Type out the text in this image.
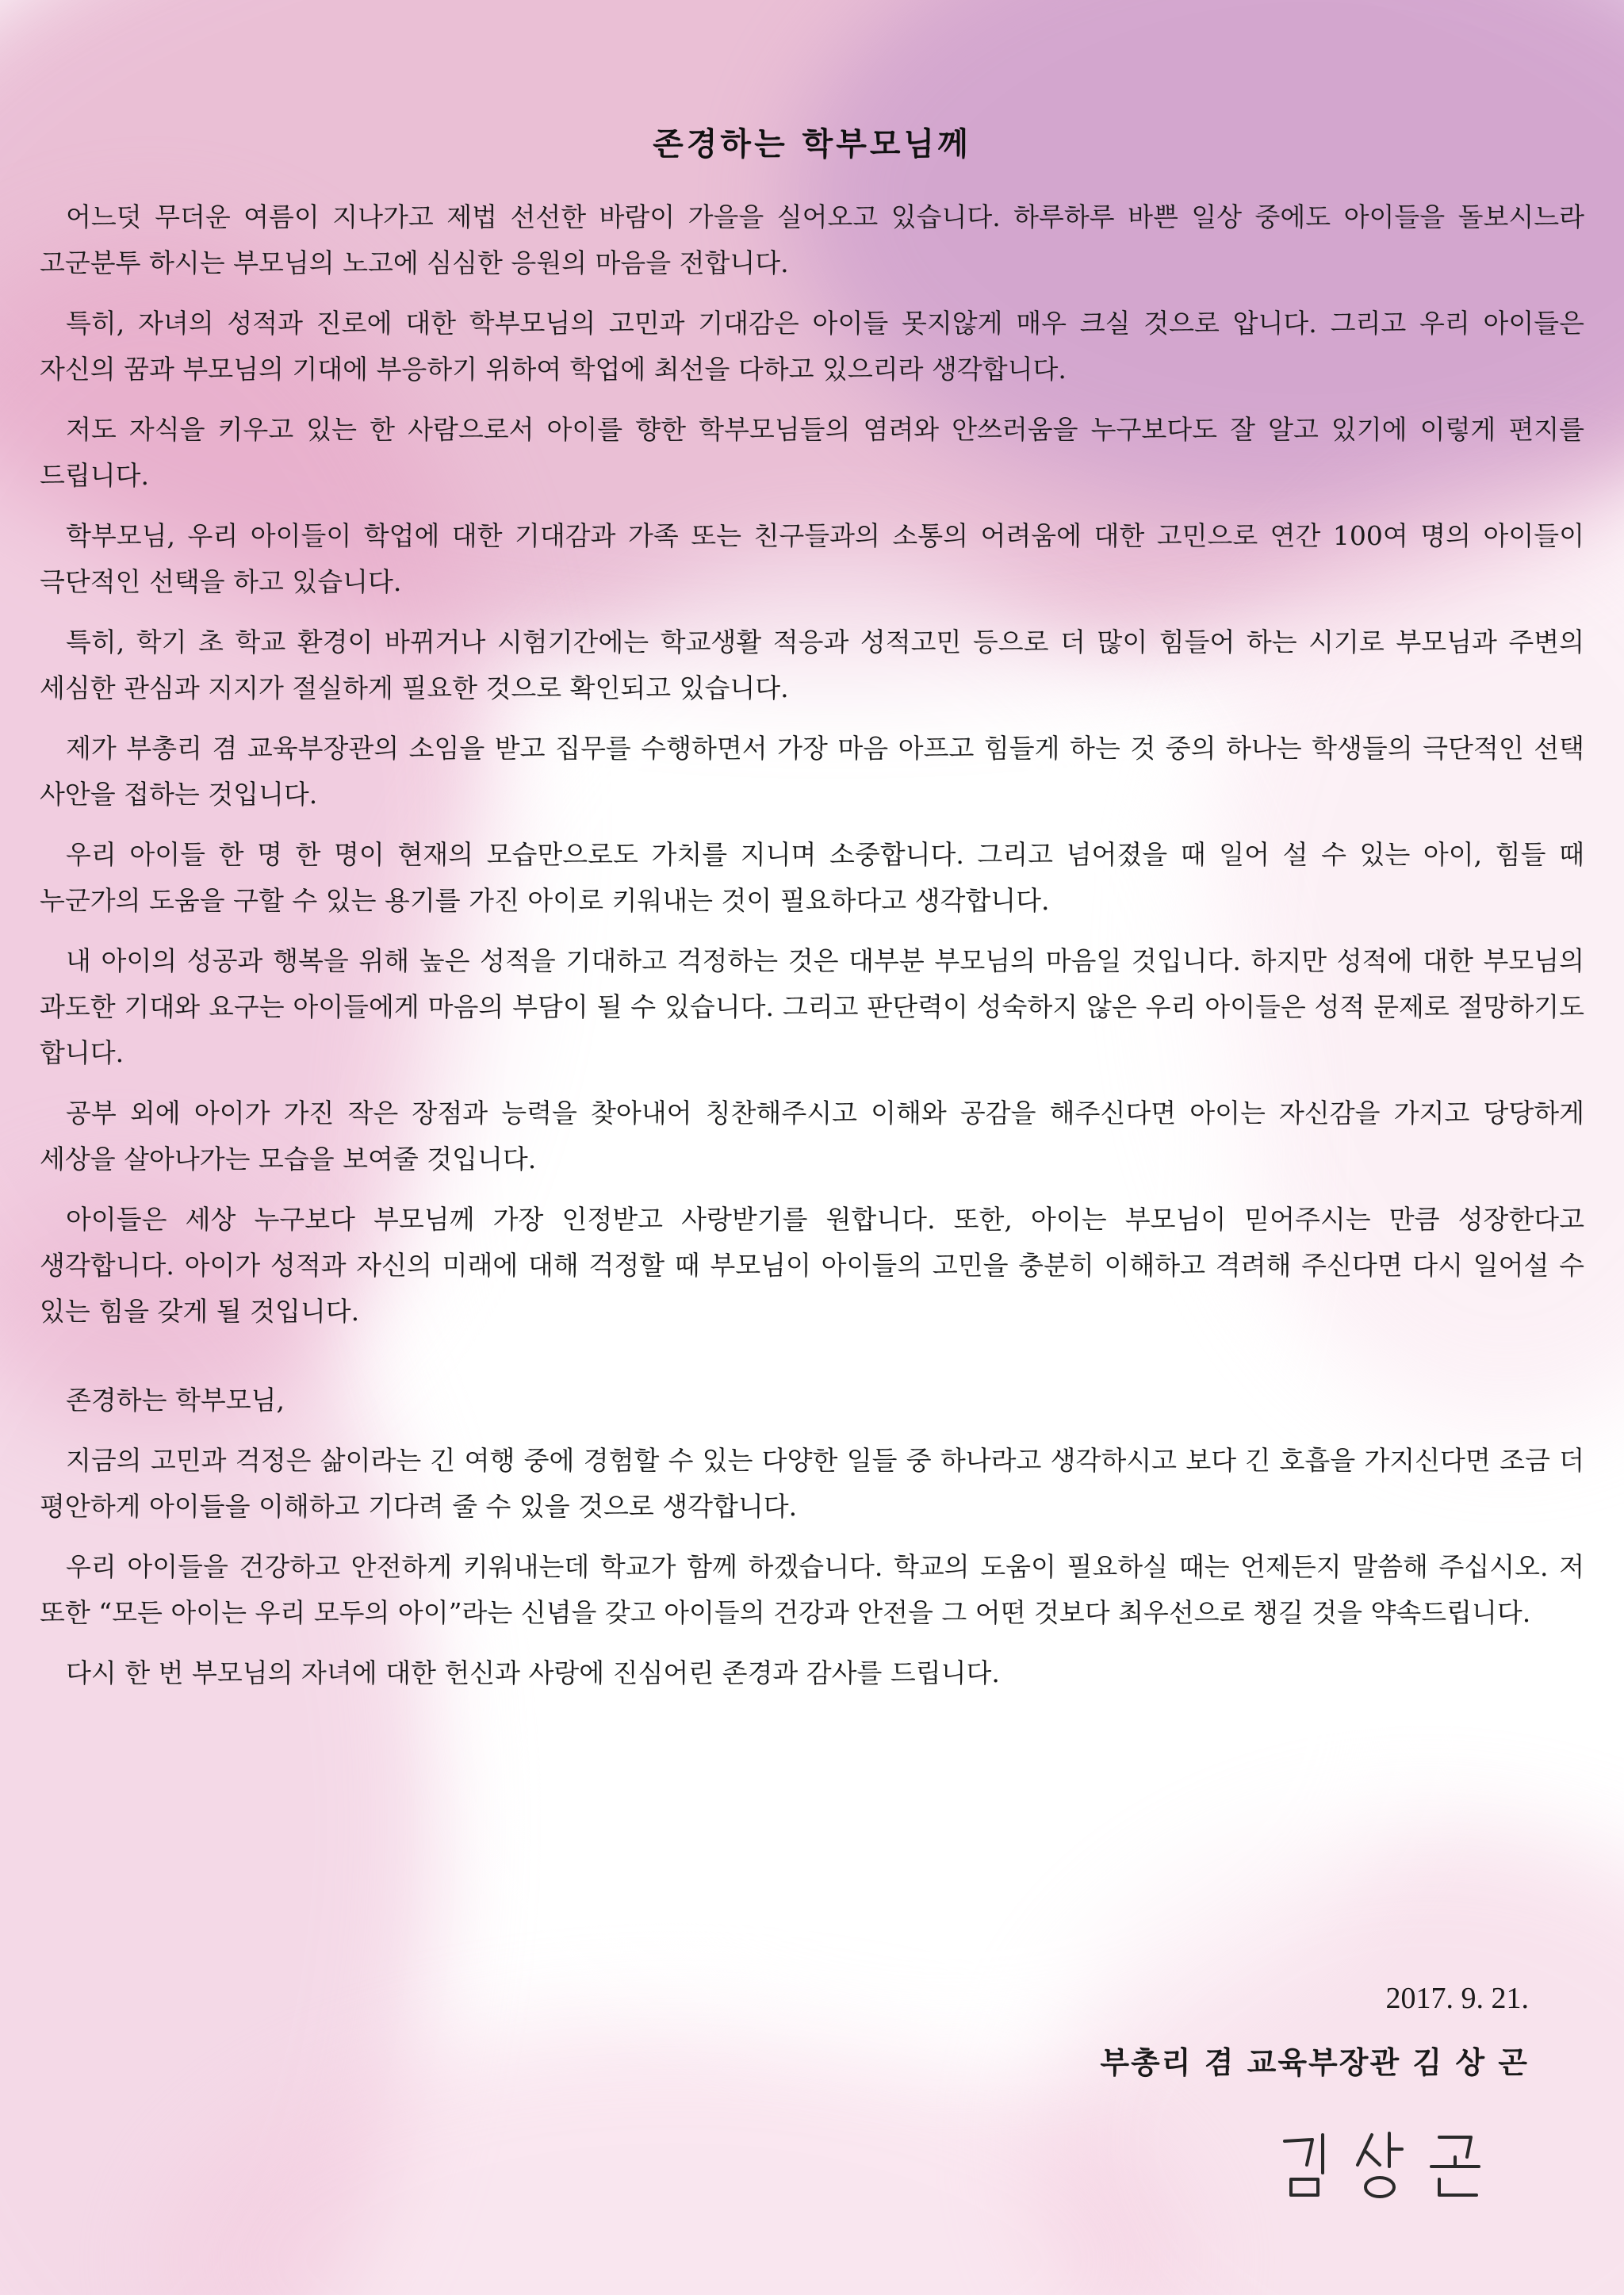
존경하는 학부모님께

어느덧 무더운 여름이 지나가고 제법 선선한 바람이 가을을 실어오고 있습니다. 하루하루 바쁜 일상 중에도 아이들을 돌보시느라 고군분투 하시는 부모님의 노고에 심심한 응원의 마음을 전합니다.

특히, 자녀의 성적과 진로에 대한 학부모님의 고민과 기대감은 아이들 못지않게 매우 크실 것으로 압니다. 그리고 우리 아이들은 자신의 꿈과 부모님의 기대에 부응하기 위하여 학업에 최선을 다하고 있으리라 생각합니다.

저도 자식을 키우고 있는 한 사람으로서 아이를 향한 학부모님들의 염려와 안쓰러움을 누구보다도 잘 알고 있기에 이렇게 편지를 드립니다.

학부모님, 우리 아이들이 학업에 대한 기대감과 가족 또는 친구들과의 소통의 어려움에 대한 고민으로 연간 100여 명의 아이들이 극단적인 선택을 하고 있습니다.

특히, 학기 초 학교 환경이 바뀌거나 시험기간에는 학교생활 적응과 성적고민 등으로 더 많이 힘들어 하는 시기로 부모님과 주변의 세심한 관심과 지지가 절실하게 필요한 것으로 확인되고 있습니다.

제가 부총리 겸 교육부장관의 소임을 받고 집무를 수행하면서 가장 마음 아프고 힘들게 하는 것 중의 하나는 학생들의 극단적인 선택 사안을 접하는 것입니다.

우리 아이들 한 명 한 명이 현재의 모습만으로도 가치를 지니며 소중합니다. 그리고 넘어졌을 때 일어 설 수 있는 아이, 힘들 때 누군가의 도움을 구할 수 있는 용기를 가진 아이로 키워내는 것이 필요하다고 생각합니다.

내 아이의 성공과 행복을 위해 높은 성적을 기대하고 걱정하는 것은 대부분 부모님의 마음일 것입니다. 하지만 성적에 대한 부모님의 과도한 기대와 요구는 아이들에게 마음의 부담이 될 수 있습니다. 그리고 판단력이 성숙하지 않은 우리 아이들은 성적 문제로 절망하기도 합니다.

공부 외에 아이가 가진 작은 장점과 능력을 찾아내어 칭찬해주시고 이해와 공감을 해주신다면 아이는 자신감을 가지고 당당하게 세상을 살아나가는 모습을 보여줄 것입니다.

아이들은 세상 누구보다 부모님께 가장 인정받고 사랑받기를 원합니다. 또한, 아이는 부모님이 믿어주시는 만큼 성장한다고 생각합니다. 아이가 성적과 자신의 미래에 대해 걱정할 때 부모님이 아이들의 고민을 충분히 이해하고 격려해 주신다면 다시 일어설 수 있는 힘을 갖게 될 것입니다.

존경하는 학부모님,

지금의 고민과 걱정은 삶이라는 긴 여행 중에 경험할 수 있는 다양한 일들 중 하나라고 생각하시고 보다 긴 호흡을 가지신다면 조금 더 평안하게 아이들을 이해하고 기다려 줄 수 있을 것으로 생각합니다.

우리 아이들을 건강하고 안전하게 키워내는데 학교가 함께 하겠습니다. 학교의 도움이 필요하실 때는 언제든지 말씀해 주십시오. 저 또한 “모든 아이는 우리 모두의 아이”라는 신념을 갖고 아이들의 건강과 안전을 그 어떤 것보다 최우선으로 챙길 것을 약속드립니다.

다시 한 번 부모님의 자녀에 대한 헌신과 사랑에 진심어린 존경과 감사를 드립니다.

2017. 9. 21.
부총리 겸 교육부장관 김 상 곤
